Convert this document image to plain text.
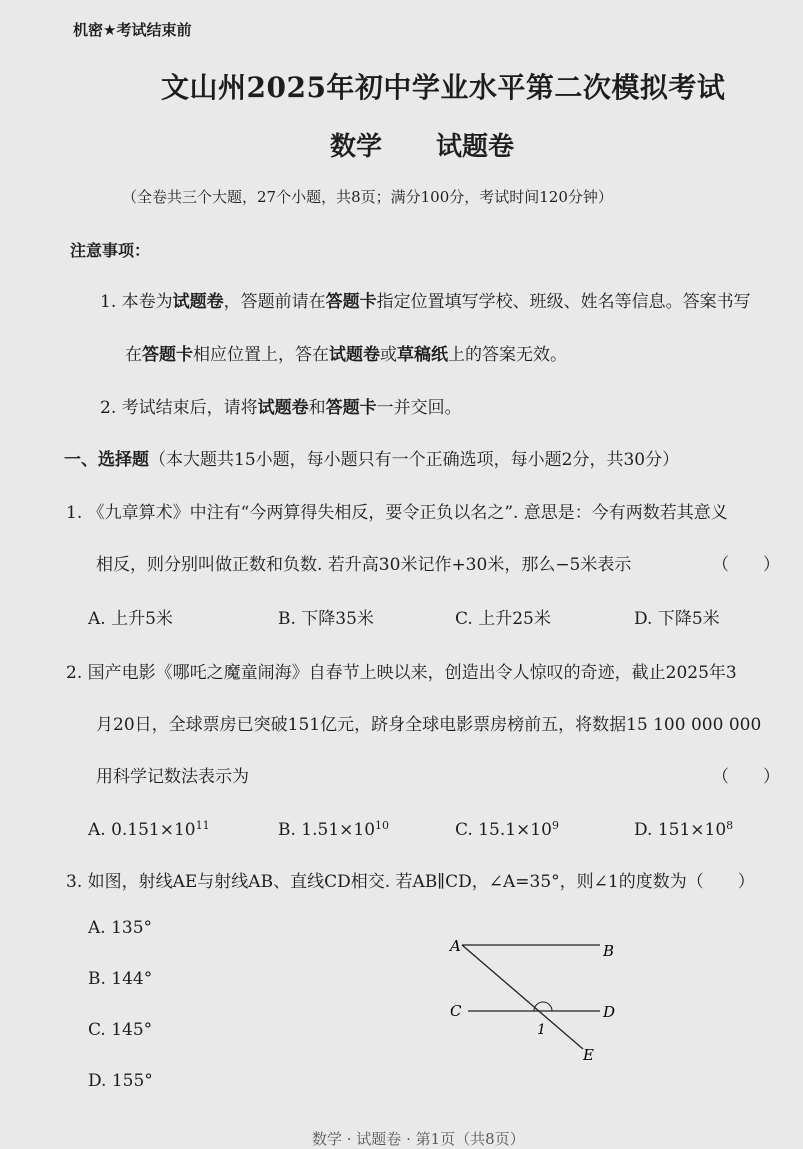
机密★考试结束前
文山州2025年初中学业水平第二次模拟考试
数学 试题卷
（全卷共三个大题，27个小题，共8页；满分100分，考试时间120分钟）
注意事项：
1. 本卷为试题卷，答题前请在答题卡指定位置填写学校、班级、姓名等信息。答案书写
在答题卡相应位置上，答在试题卷或草稿纸上的答案无效。
2. 考试结束后，请将试题卷和答题卡一并交回。
一、选择题（本大题共15小题，每小题只有一个正确选项，每小题2分，共30分）
1. 《九章算术》中注有“今两算得失相反，要令正负以名之”. 意思是：今有两数若其意义
相反，则分别叫做正数和负数. 若升高30米记作+30米，那么−5米表示	（　　）
A. 上升5米	B. 下降35米	C. 上升25米	D. 下降5米
2. 国产电影《哪吒之魔童闹海》自春节上映以来，创造出令人惊叹的奇迹，截止2025年3
月20日，全球票房已突破151亿元，跻身全球电影票房榜前五，将数据15 100 000 000
用科学记数法表示为	（　　）
A. $0.151\times 10^{11}$	B. $1.51\times 10^{10}$	C. $15.1\times 10^9$	D. $151\times 10^8$
3. 如图，射线AE与射线AB、直线CD相交. 若AB∥CD，∠A=35°，则∠1的度数为（　　）
A. 135°
B. 144°
C. 145°
D. 155°
A	B
C	D
E
1
数学 · 试题卷 · 第1页（共8页）
